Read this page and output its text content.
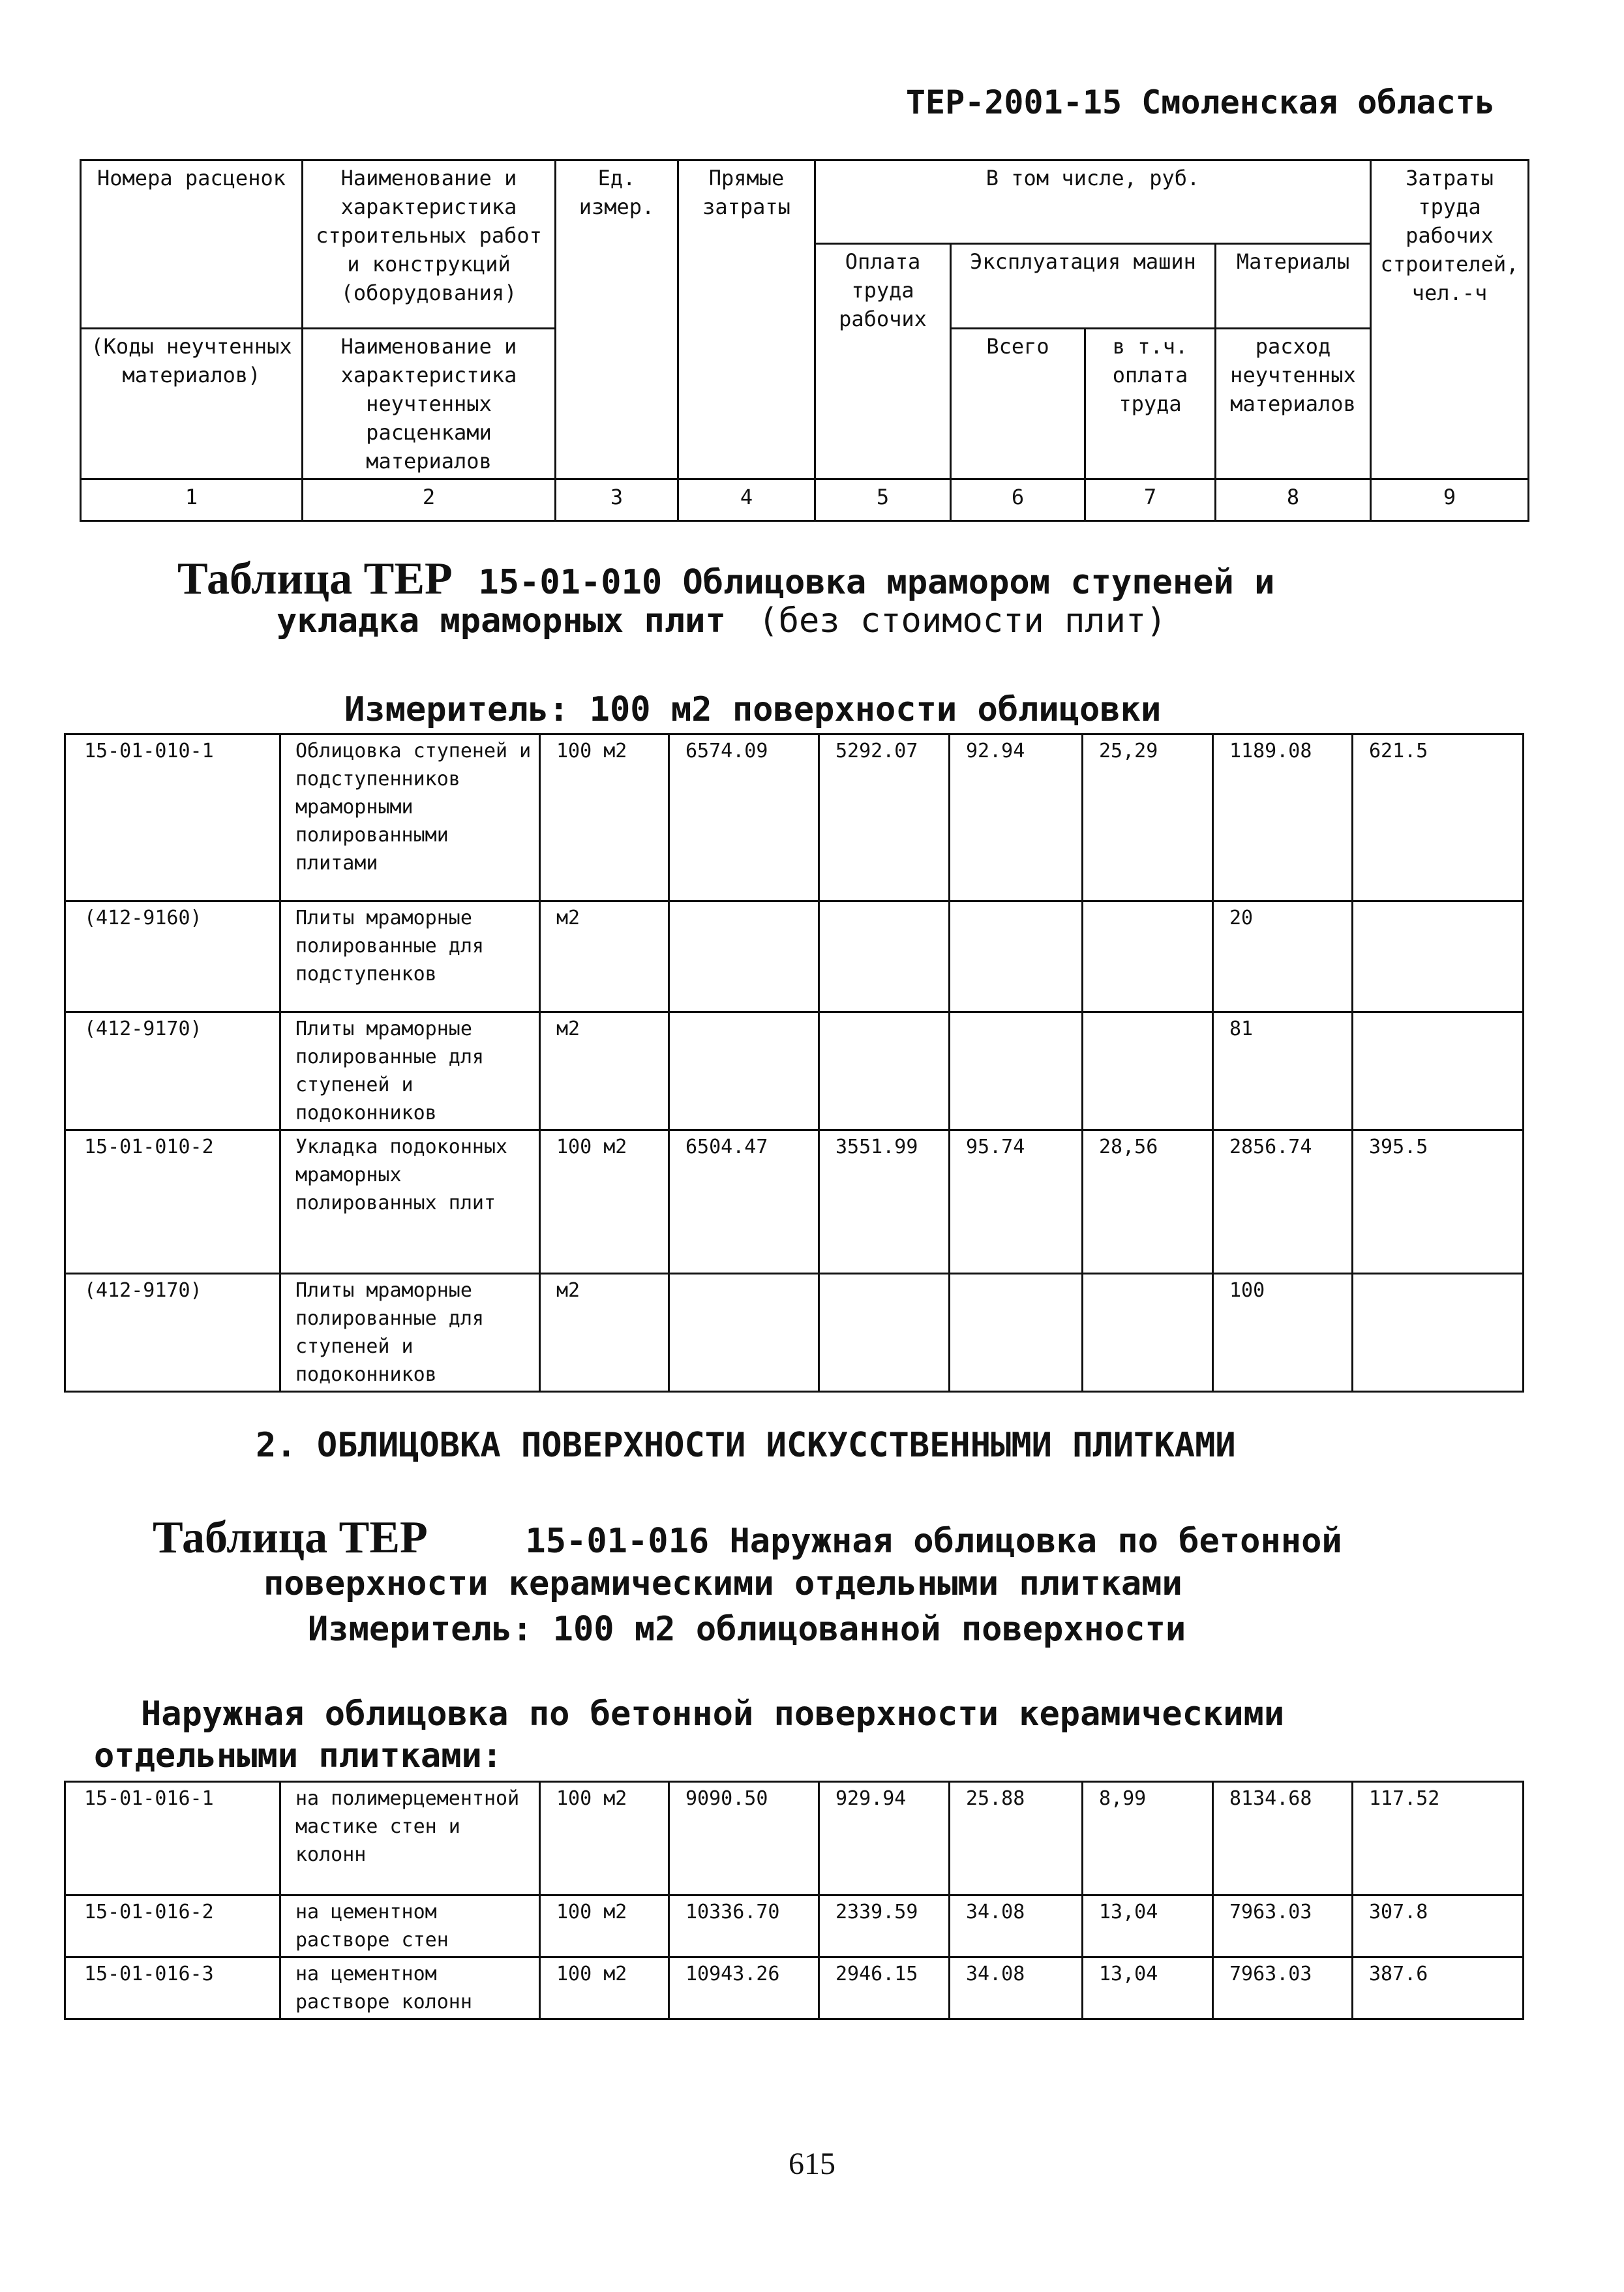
ТЕР-2001-15 Смоленская область
Номера расценок	Наименование и характеристика строительных работ и конструкций (оборудования)	Ед. измер.	Прямые затраты	В том числе, руб.				Затраты труда рабочих строителей, чел.-ч
				Оплата труда рабочих	Эксплуатация машин		Материалы	
(Коды неучтенных материалов)	Наименование и характеристика неучтенных расценками материалов				Всего	в т.ч. оплата труда	расход неучтенных материалов	
1	2	3	4	5	6	7	8	9
Таблица ТЕР 15-01-010 Облицовка мрамором ступеней и
укладка мраморных плит (без стоимости плит)
Измеритель: 100 м2 поверхности облицовки
15-01-010-1	Облицовка ступеней и подступенников мраморными полированными плитами	100 м2	6574.09	5292.07	92.94	25,29	1189.08	621.5
(412-9160)	Плиты мраморные полированные для подступенков	м2					20	
(412-9170)	Плиты мраморные полированные для ступеней и подоконников	м2					81	
15-01-010-2	Укладка подоконных мраморных полированных плит	100 м2	6504.47	3551.99	95.74	28,56	2856.74	395.5
(412-9170)	Плиты мраморные полированные для ступеней и подоконников	м2					100	
2. ОБЛИЦОВКА ПОВЕРХНОСТИ ИСКУССТВЕННЫМИ ПЛИТКАМИ
Таблица ТЕР	15-01-016 Наружная облицовка по бетонной
поверхности керамическими отдельными плитками
Измеритель: 100 м2 облицованной поверхности
Наружная облицовка по бетонной поверхности керамическими
отдельными плитками:
15-01-016-1	на полимерцементной мастике стен и колонн	100 м2	9090.50	929.94	25.88	8,99	8134.68	117.52
15-01-016-2	на цементном растворе стен	100 м2	10336.70	2339.59	34.08	13,04	7963.03	307.8
15-01-016-3	на цементном растворе колонн	100 м2	10943.26	2946.15	34.08	13,04	7963.03	387.6
615
